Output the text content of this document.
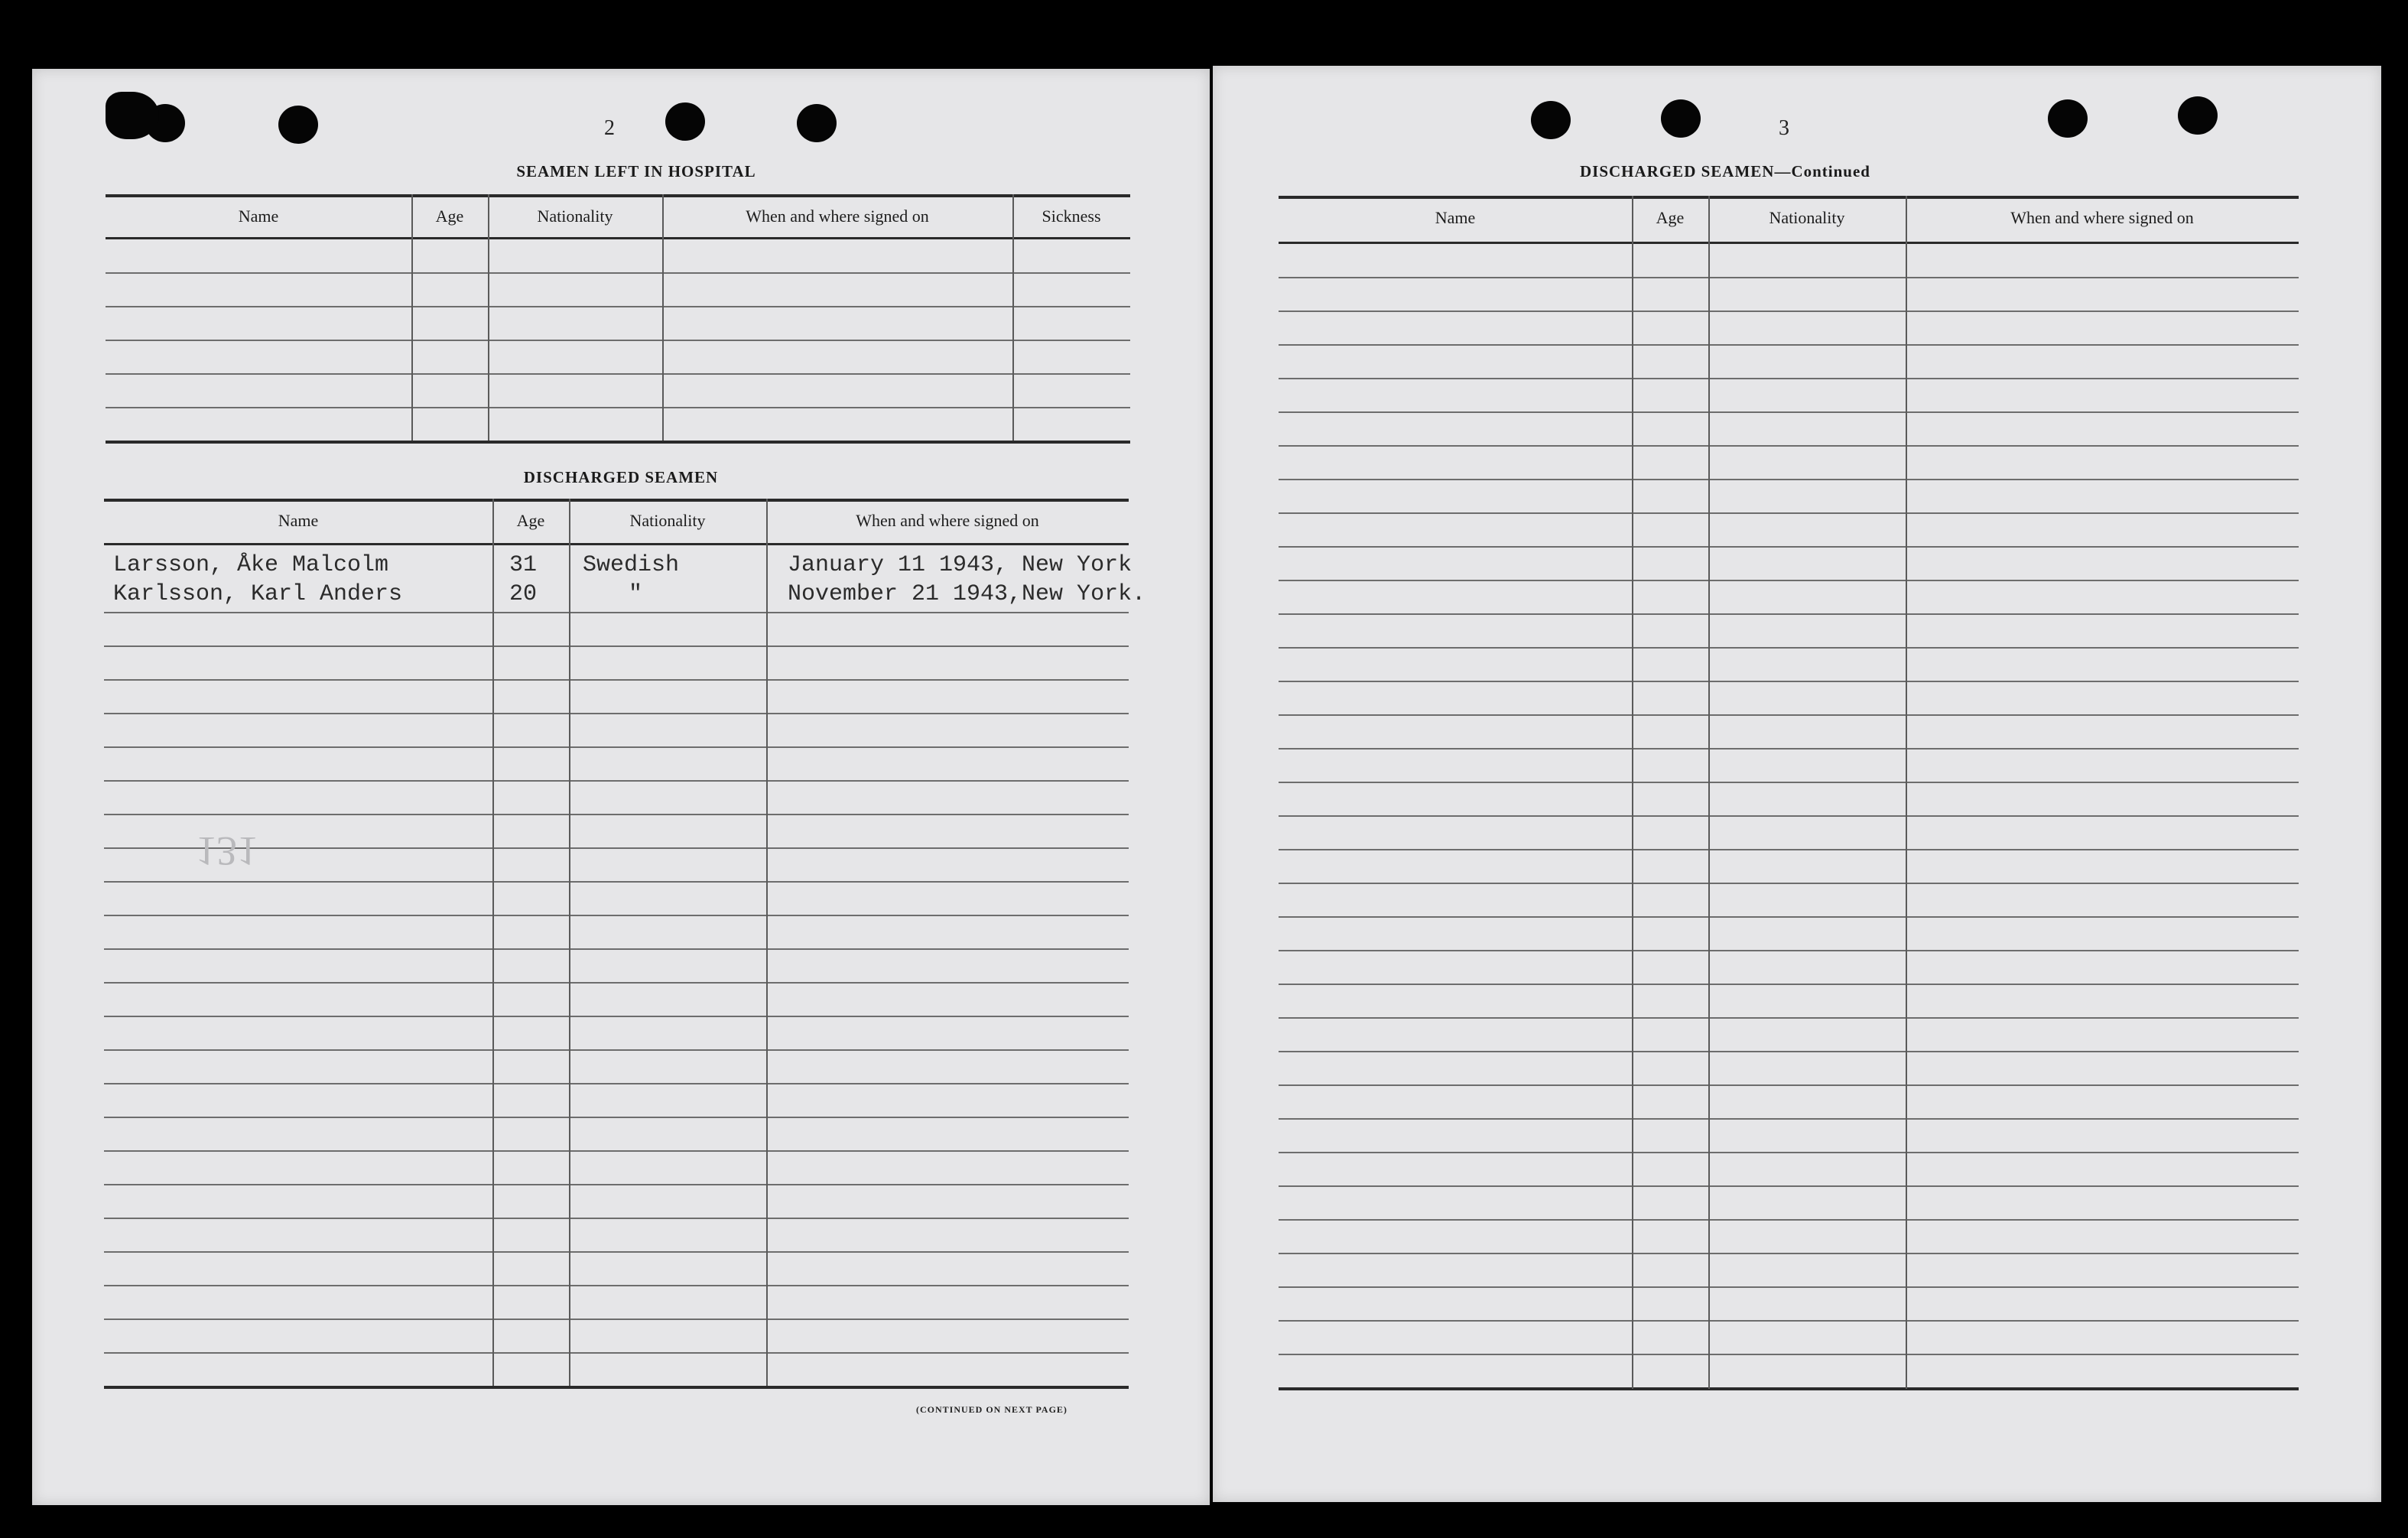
2
SEAMEN LEFT IN HOSPITAL
Name	Age	Nationality	When and where signed on	Sickness
DISCHARGED SEAMEN
Name	Age	Nationality	When and where signed on
Larsson, Åke Malcolm	31 Swedish	January 11 1943, New York
Karlsson, Karl Anders	20	"	November 21 1943,New York.
131
(CONTINUED ON NEXT PAGE)
3
DISCHARGED SEAMEN—Continued
Name	Age	Nationality	When and where signed on
